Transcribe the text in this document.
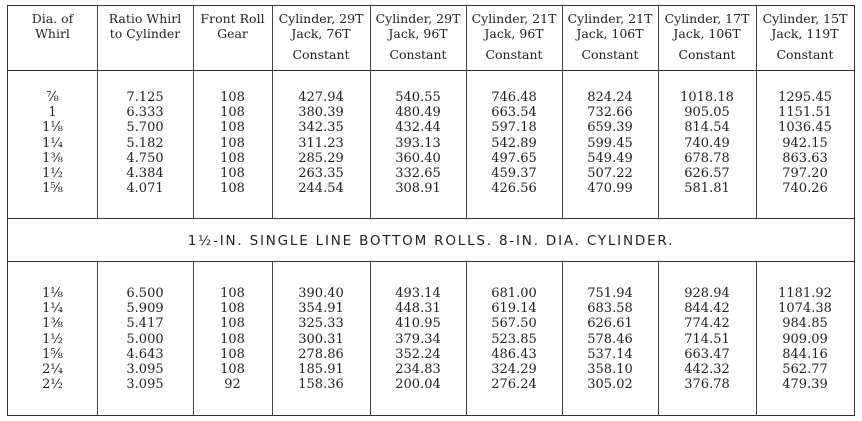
Dia. of
Whirl
Ratio Whirl
to Cylinder
Front Roll
Gear
Cylinder, 29T
Jack, 76T
Constant
Cylinder, 29T
Jack, 96T
Constant
Cylinder, 21T
Jack, 96T
Constant
Cylinder, 21T
Jack, 106T
Constant
Cylinder, 17T
Jack, 106T
Constant
Cylinder, 15T
Jack, 119T
Constant
⅞
1
1⅛
1¼
1⅜
1½
1⅝
7.125
6.333
5.700
5.182
4.750
4.384
4.071
108
108
108
108
108
108
108
427.94
380.39
342.35
311.23
285.29
263.35
244.54
540.55
480.49
432.44
393.13
360.40
332.65
308.91
746.48
663.54
597.18
542.89
497.65
459.37
426.56
824.24
732.66
659.39
599.45
549.49
507.22
470.99
1018.18
905.05
814.54
740.49
678.78
626.57
581.81
1295.45
1151.51
1036.45
942.15
863.63
797.20
740.26
1½-IN. SINGLE LINE BOTTOM ROLLS. 8-IN. DIA. CYLINDER.
1⅛
1¼
1⅜
1½
1⅝
2¼
2½
6.500
5.909
5.417
5.000
4.643
3.095
3.095
108
108
108
108
108
108
92
390.40
354.91
325.33
300.31
278.86
185.91
158.36
493.14
448.31
410.95
379.34
352.24
234.83
200.04
681.00
619.14
567.50
523.85
486.43
324.29
276.24
751.94
683.58
626.61
578.46
537.14
358.10
305.02
928.94
844.42
774.42
714.51
663.47
442.32
376.78
1181.92
1074.38
984.85
909.09
844.16
562.77
479.39
